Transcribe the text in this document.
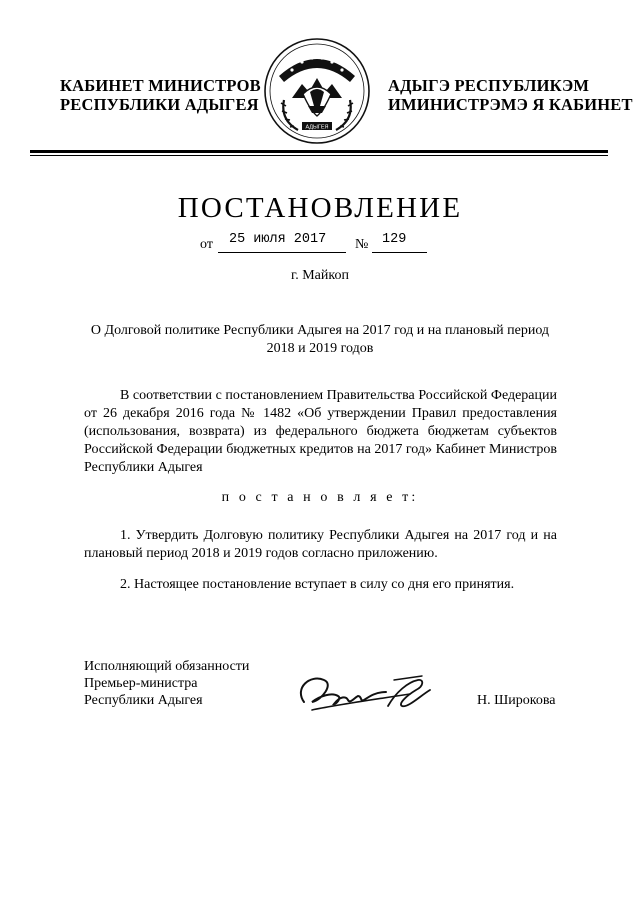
КАБИНЕТ МИНИСТРОВ
РЕСПУБЛИКИ АДЫГЕЯ
АДЫГЕЯ
АДЫГЭ РЕСПУБЛИКЭМ
ИМИНИСТРЭМЭ Я КАБИНЕТ
ПОСТАНОВЛЕНИЕ
от 25 июля 2017 № 129
г. Майкоп
О Долговой политике Республики Адыгея на 2017 год и на плановый период 2018 и 2019 годов
В соответствии с постановлением Правительства Российской Федерации от 26 декабря 2016 года № 1482 «Об утверждении Правил предоставления (использования, возврата) из федерального бюджета бюджетам субъектов Российской Федерации бюджетных кредитов на 2017 год» Кабинет Министров Республики Адыгея
п о с т а н о в л я е т:
1. Утвердить Долговую политику Республики Адыгея на 2017 год и на плановый период 2018 и 2019 годов согласно приложению.
2. Настоящее постановление вступает в силу со дня его принятия.
Исполняющий обязанности
Премьер-министра
Республики Адыгея	Н. Широкова
